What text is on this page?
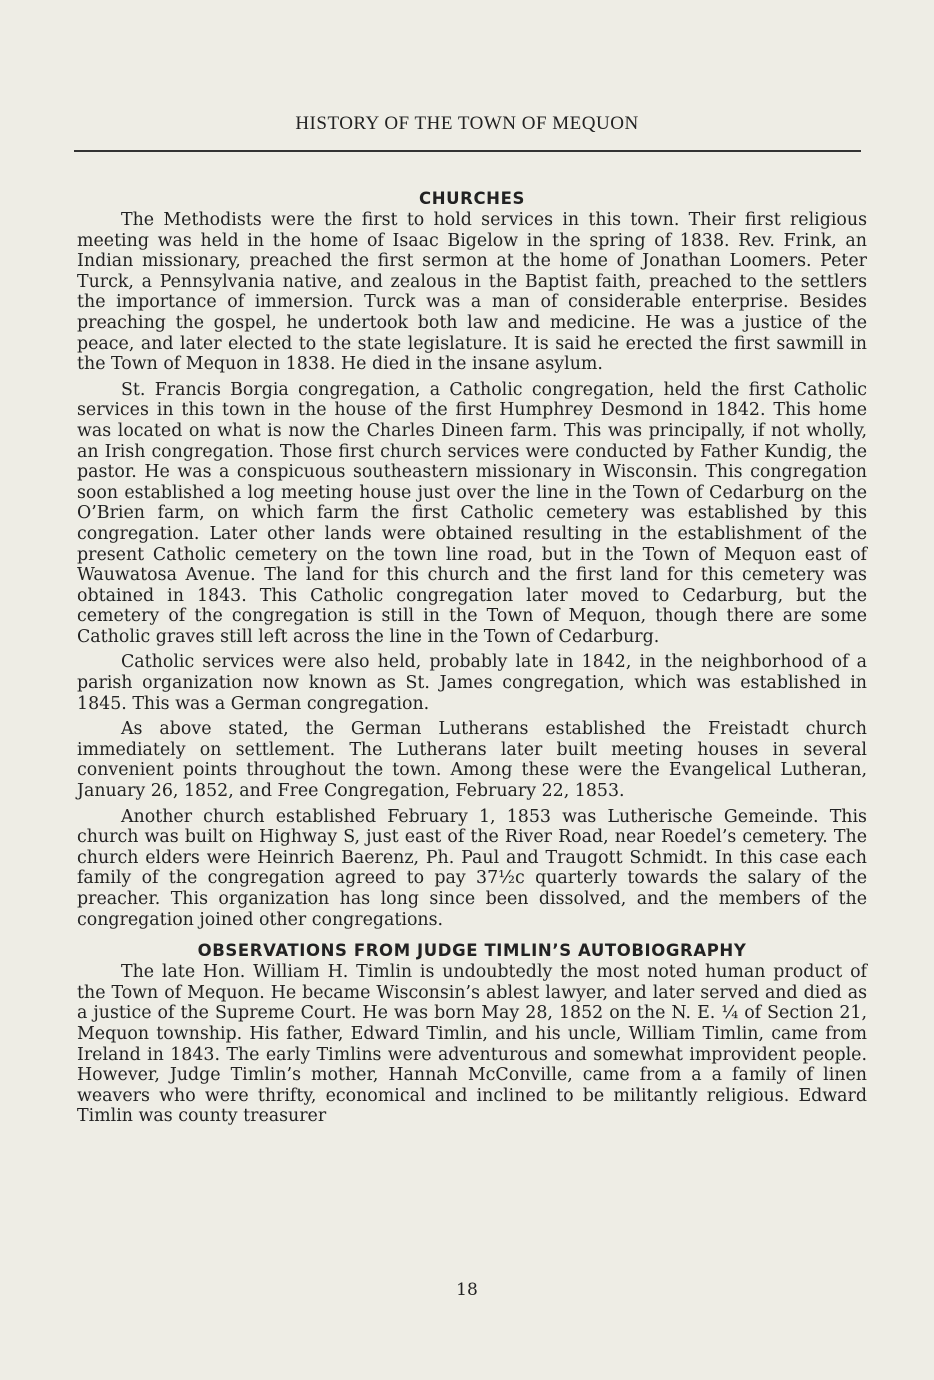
HISTORY OF THE TOWN OF MEQUON
CHURCHES

The Methodists were the first to hold services in this town. Their first religious meeting was held in the home of Isaac Bigelow in the spring of 1838. Rev. Frink, an Indian missionary, preached the first sermon at the home of Jonathan Loomers. Peter Turck, a Pennsylvania native, and zealous in the Baptist faith, preached to the settlers the importance of immersion. Turck was a man of considerable enterprise. Besides preaching the gospel, he undertook both law and medicine. He was a justice of the peace, and later elected to the state legislature. It is said he erected the first sawmill in the Town of Mequon in 1838. He died in the insane asylum.

St. Francis Borgia congregation, a Catholic congregation, held the first Catholic services in this town in the house of the first Humphrey Desmond in 1842. This home was located on what is now the Charles Dineen farm. This was principally, if not wholly, an Irish congregation. Those first church services were conducted by Father Kundig, the pastor. He was a conspicuous southeastern missionary in Wisconsin. This congregation soon established a log meeting house just over the line in the Town of Cedarburg on the O’Brien farm, on which farm the first Catholic cemetery was established by this congregation. Later other lands were obtained resulting in the establishment of the present Catholic cemetery on the town line road, but in the Town of Mequon east of Wauwatosa Avenue. The land for this church and the first land for this cemetery was obtained in 1843. This Catholic congregation later moved to Cedarburg, but the cemetery of the congregation is still in the Town of Mequon, though there are some Catholic graves still left across the line in the Town of Cedarburg.

Catholic services were also held, probably late in 1842, in the neighborhood of a parish organization now known as St. James congregation, which was established in 1845. This was a German congregation.

As above stated, the German Lutherans established the Freistadt church immediately on settlement. The Lutherans later built meeting houses in several convenient points throughout the town. Among these were the Evangelical Lutheran, January 26, 1852, and Free Congregation, February 22, 1853.

Another church established February 1, 1853 was Lutherische Gemeinde. This church was built on Highway S, just east of the River Road, near Roedel’s cemetery. The church elders were Heinrich Baerenz, Ph. Paul and Traugott Schmidt. In this case each family of the congregation agreed to pay 37½c quarterly towards the salary of the preacher. This organization has long since been dissolved, and the members of the congregation joined other congregations.

OBSERVATIONS FROM JUDGE TIMLIN’S AUTOBIOGRAPHY

The late Hon. William H. Timlin is undoubtedly the most noted human product of the Town of Mequon. He became Wisconsin’s ablest lawyer, and later served and died as a justice of the Supreme Court. He was born May 28, 1852 on the N. E. ¼ of Section 21, Mequon township. His father, Edward Timlin, and his uncle, William Timlin, came from Ireland in 1843. The early Timlins were adventurous and somewhat improvident people. However, Judge Timlin’s mother, Hannah McConville, came from a a family of linen weavers who were thrifty, economical and inclined to be militantly religious. Edward Timlin was county treasurer

18
